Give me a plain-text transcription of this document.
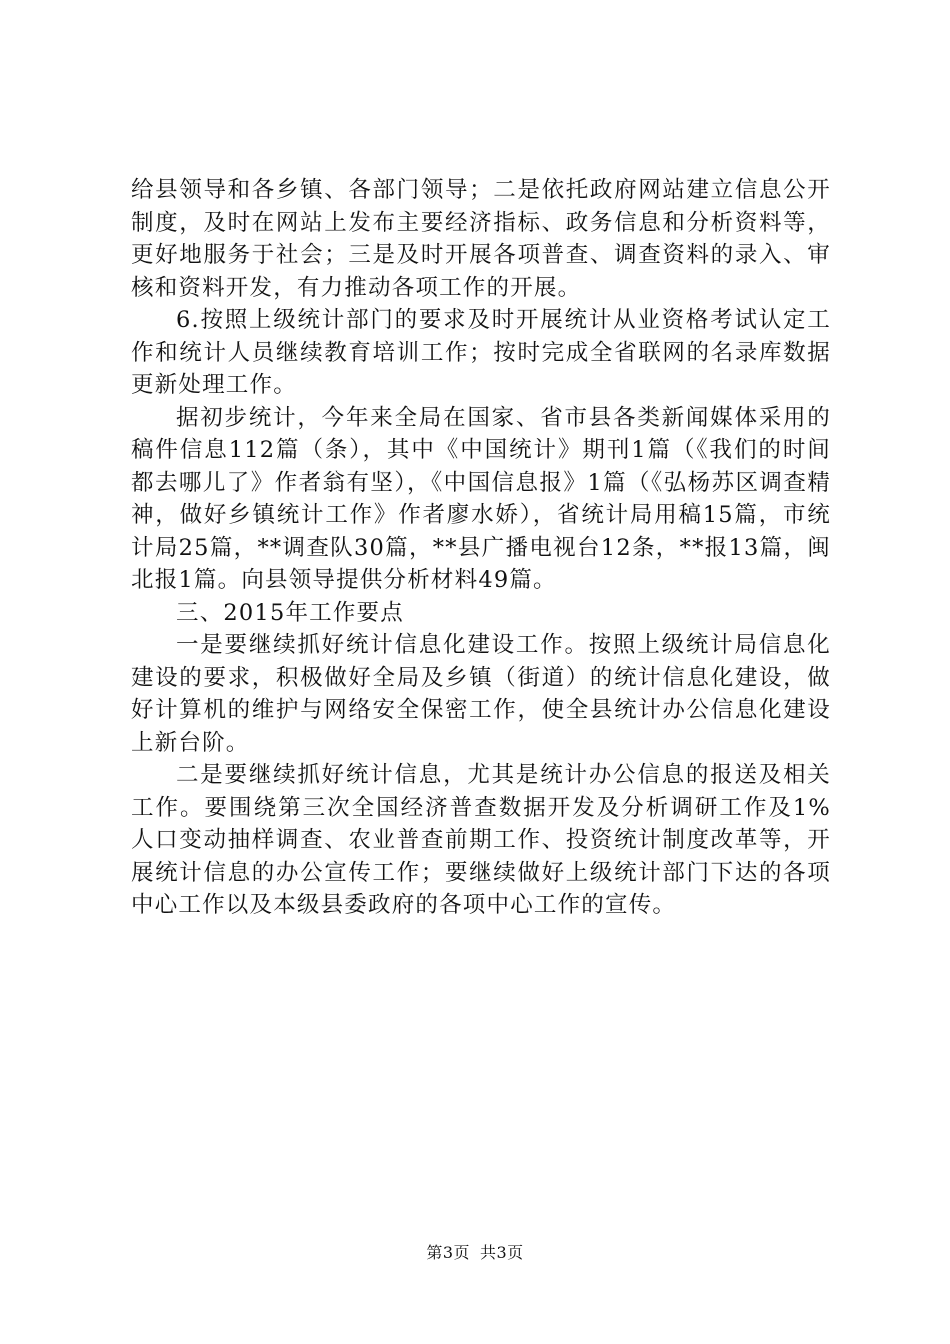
给县领导和各乡镇、各部门领导；二是依托政府网站建立信息公开制度，及时在网站上发布主要经济指标、政务信息和分析资料等，更好地服务于社会；三是及时开展各项普查、调查资料的录入、审核和资料开发，有力推动各项工作的开展。

6.按照上级统计部门的要求及时开展统计从业资格考试认定工作和统计人员继续教育培训工作；按时完成全省联网的名录库数据更新处理工作。

据初步统计，今年来全局在国家、省市县各类新闻媒体采用的稿件信息112篇（条），其中《中国统计》期刊1篇（《我们的时间都去哪儿了》作者翁有坚），《中国信息报》1篇（《弘杨苏区调查精神，做好乡镇统计工作》作者廖水娇），省统计局用稿15篇，市统计局25篇，**调查队30篇，**县广播电视台12条，**报13篇，闽北报1篇。向县领导提供分析材料49篇。

三、2015年工作要点

一是要继续抓好统计信息化建设工作。按照上级统计局信息化建设的要求，积极做好全局及乡镇（街道）的统计信息化建设，做好计算机的维护与网络安全保密工作，使全县统计办公信息化建设上新台阶。

二是要继续抓好统计信息，尤其是统计办公信息的报送及相关工作。要围绕第三次全国经济普查数据开发及分析调研工作及1%人口变动抽样调查、农业普查前期工作、投资统计制度改革等，开展统计信息的办公宣传工作；要继续做好上级统计部门下达的各项中心工作以及本级县委政府的各项中心工作的宣传。

第3页 共3页
